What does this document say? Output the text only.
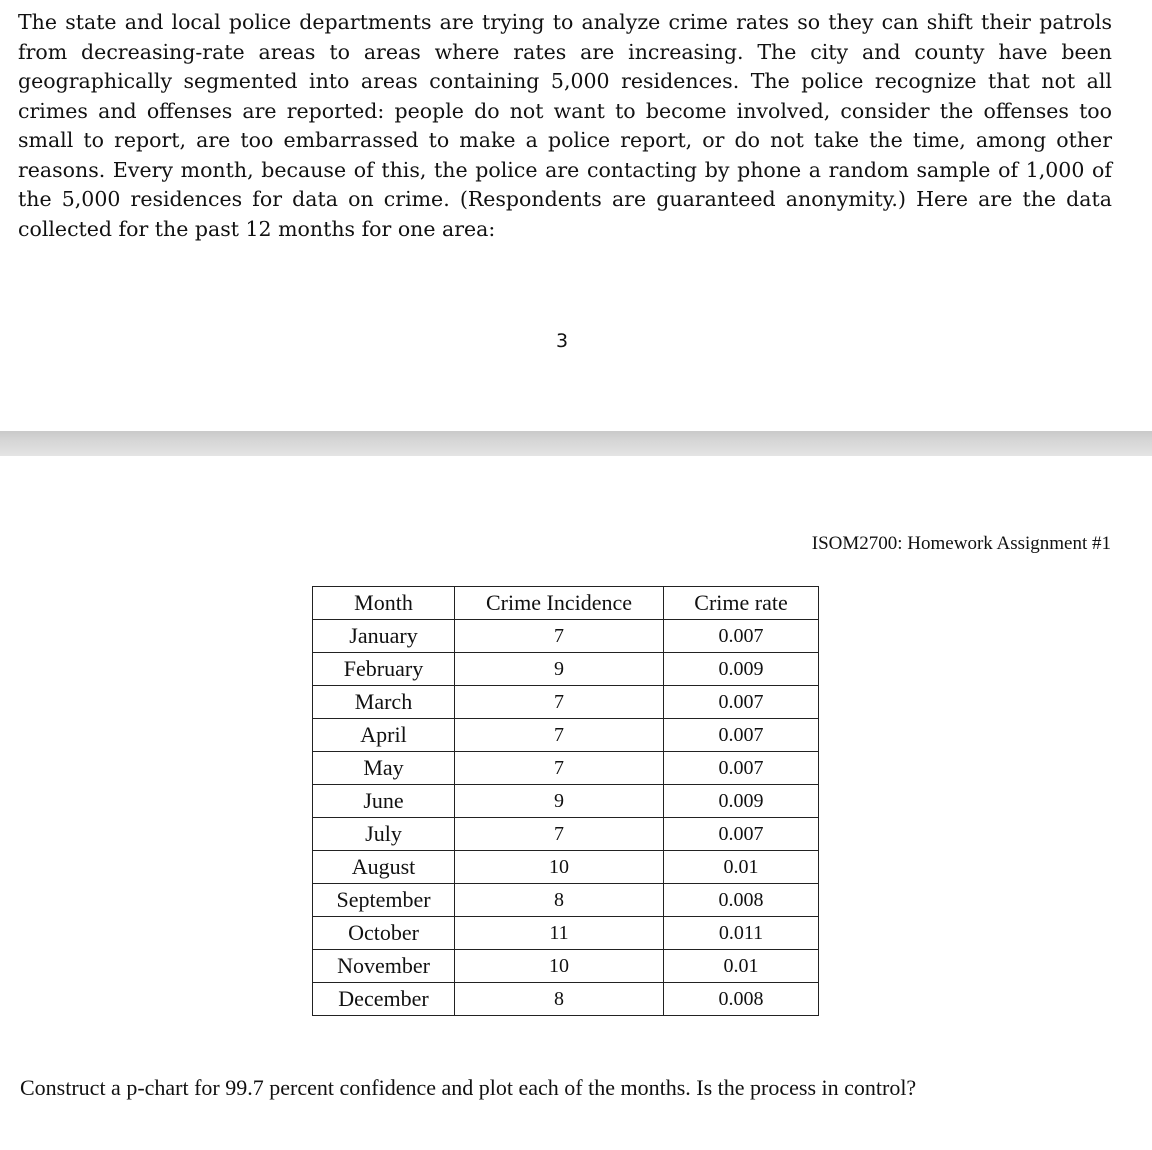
The state and local police departments are trying to analyze crime rates so they can shift their patrols from decreasing-rate areas to areas where rates are increasing. The city and county have been geographically segmented into areas containing 5,000 residences. The police recognize that not all crimes and offenses are reported: people do not want to become involved, consider the offenses too small to report, are too embarrassed to make a police report, or do not take the time, among other reasons. Every month, because of this, the police are contacting by phone a random sample of 1,000 of the 5,000 residences for data on crime. (Respondents are guaranteed anonymity.) Here are the data collected for the past 12 months for one area:

3
ISOM2700: Homework Assignment #1
Month	Crime Incidence	Crime rate
January	7	0.007
February	9	0.009
March	7	0.007
April	7	0.007
May	7	0.007
June	9	0.009
July	7	0.007
August	10	0.01
September	8	0.008
October	11	0.011
November	10	0.01
December	8	0.008
Construct a p-chart for 99.7 percent confidence and plot each of the months. Is the process in control?
